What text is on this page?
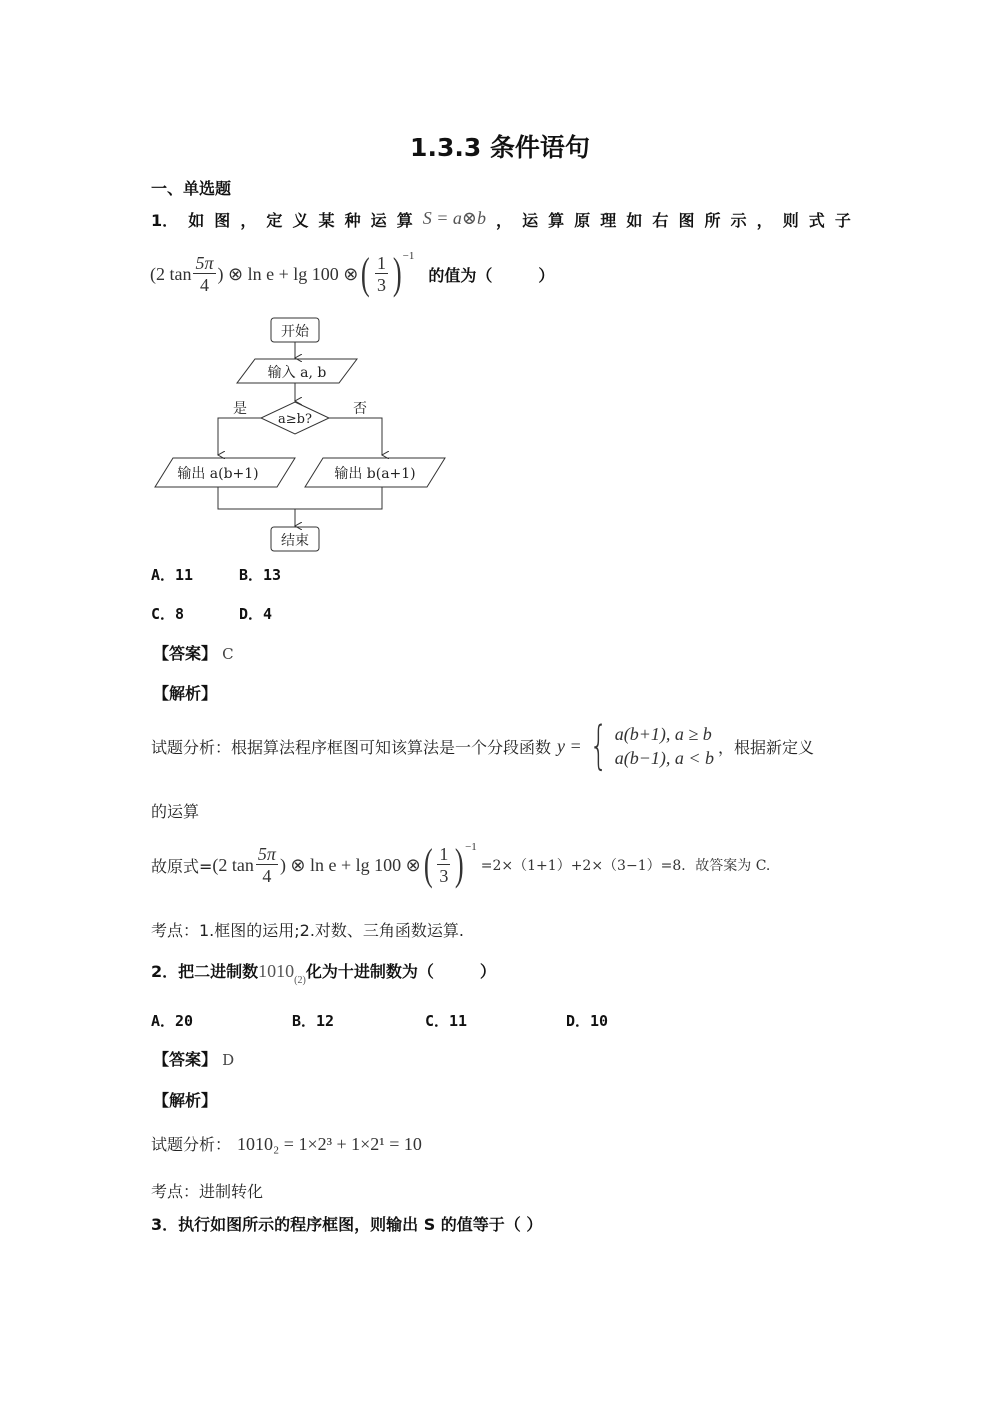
1.3.3 条件语句
一、单选题
1． 如 图 ， 定 义 某 种 运 算 S = a⊗b ， 运 算 原 理 如 右 图 所 示 ， 则 式 子
(2 $\tan \frac{5\pi}{4}$ ) ⊗ ln e + lg 100 ⊗ ( $\frac{1}{3}$ ) −1
的值为（	）
开始
输入 a, b
a≥b?
是	否
输出 a(b+1)	输出 b(a+1)
结束
A．11	B．13
C．8	D．4
【答案】 C
【解析】
试题分析：根据算法程序框图可知该算法是一个分段函数 y = { a(b+1), a ≥ b
a(b−1), a < b
，根据新定义
的运算
故原式= (2 $\tan \frac{5\pi}{4}$ ) ⊗ ln e + lg 100 ⊗ ( $\frac{1}{3}$ ) −1
=2×（1+1）+2×（3−1）=8．故答案为 C.
考点：1.框图的运用;2.对数、三角函数运算.
2． 把二进制数 1010 (2) 化为十进制数为（	）
A．20	B．12	C．11	D．10
【答案】 D
【解析】
试题分析： 1010₂ = 1×2³ + 1×2¹ = 10
考点：进制转化
3．执行如图所示的程序框图，则输出 S 的值等于（ ）
